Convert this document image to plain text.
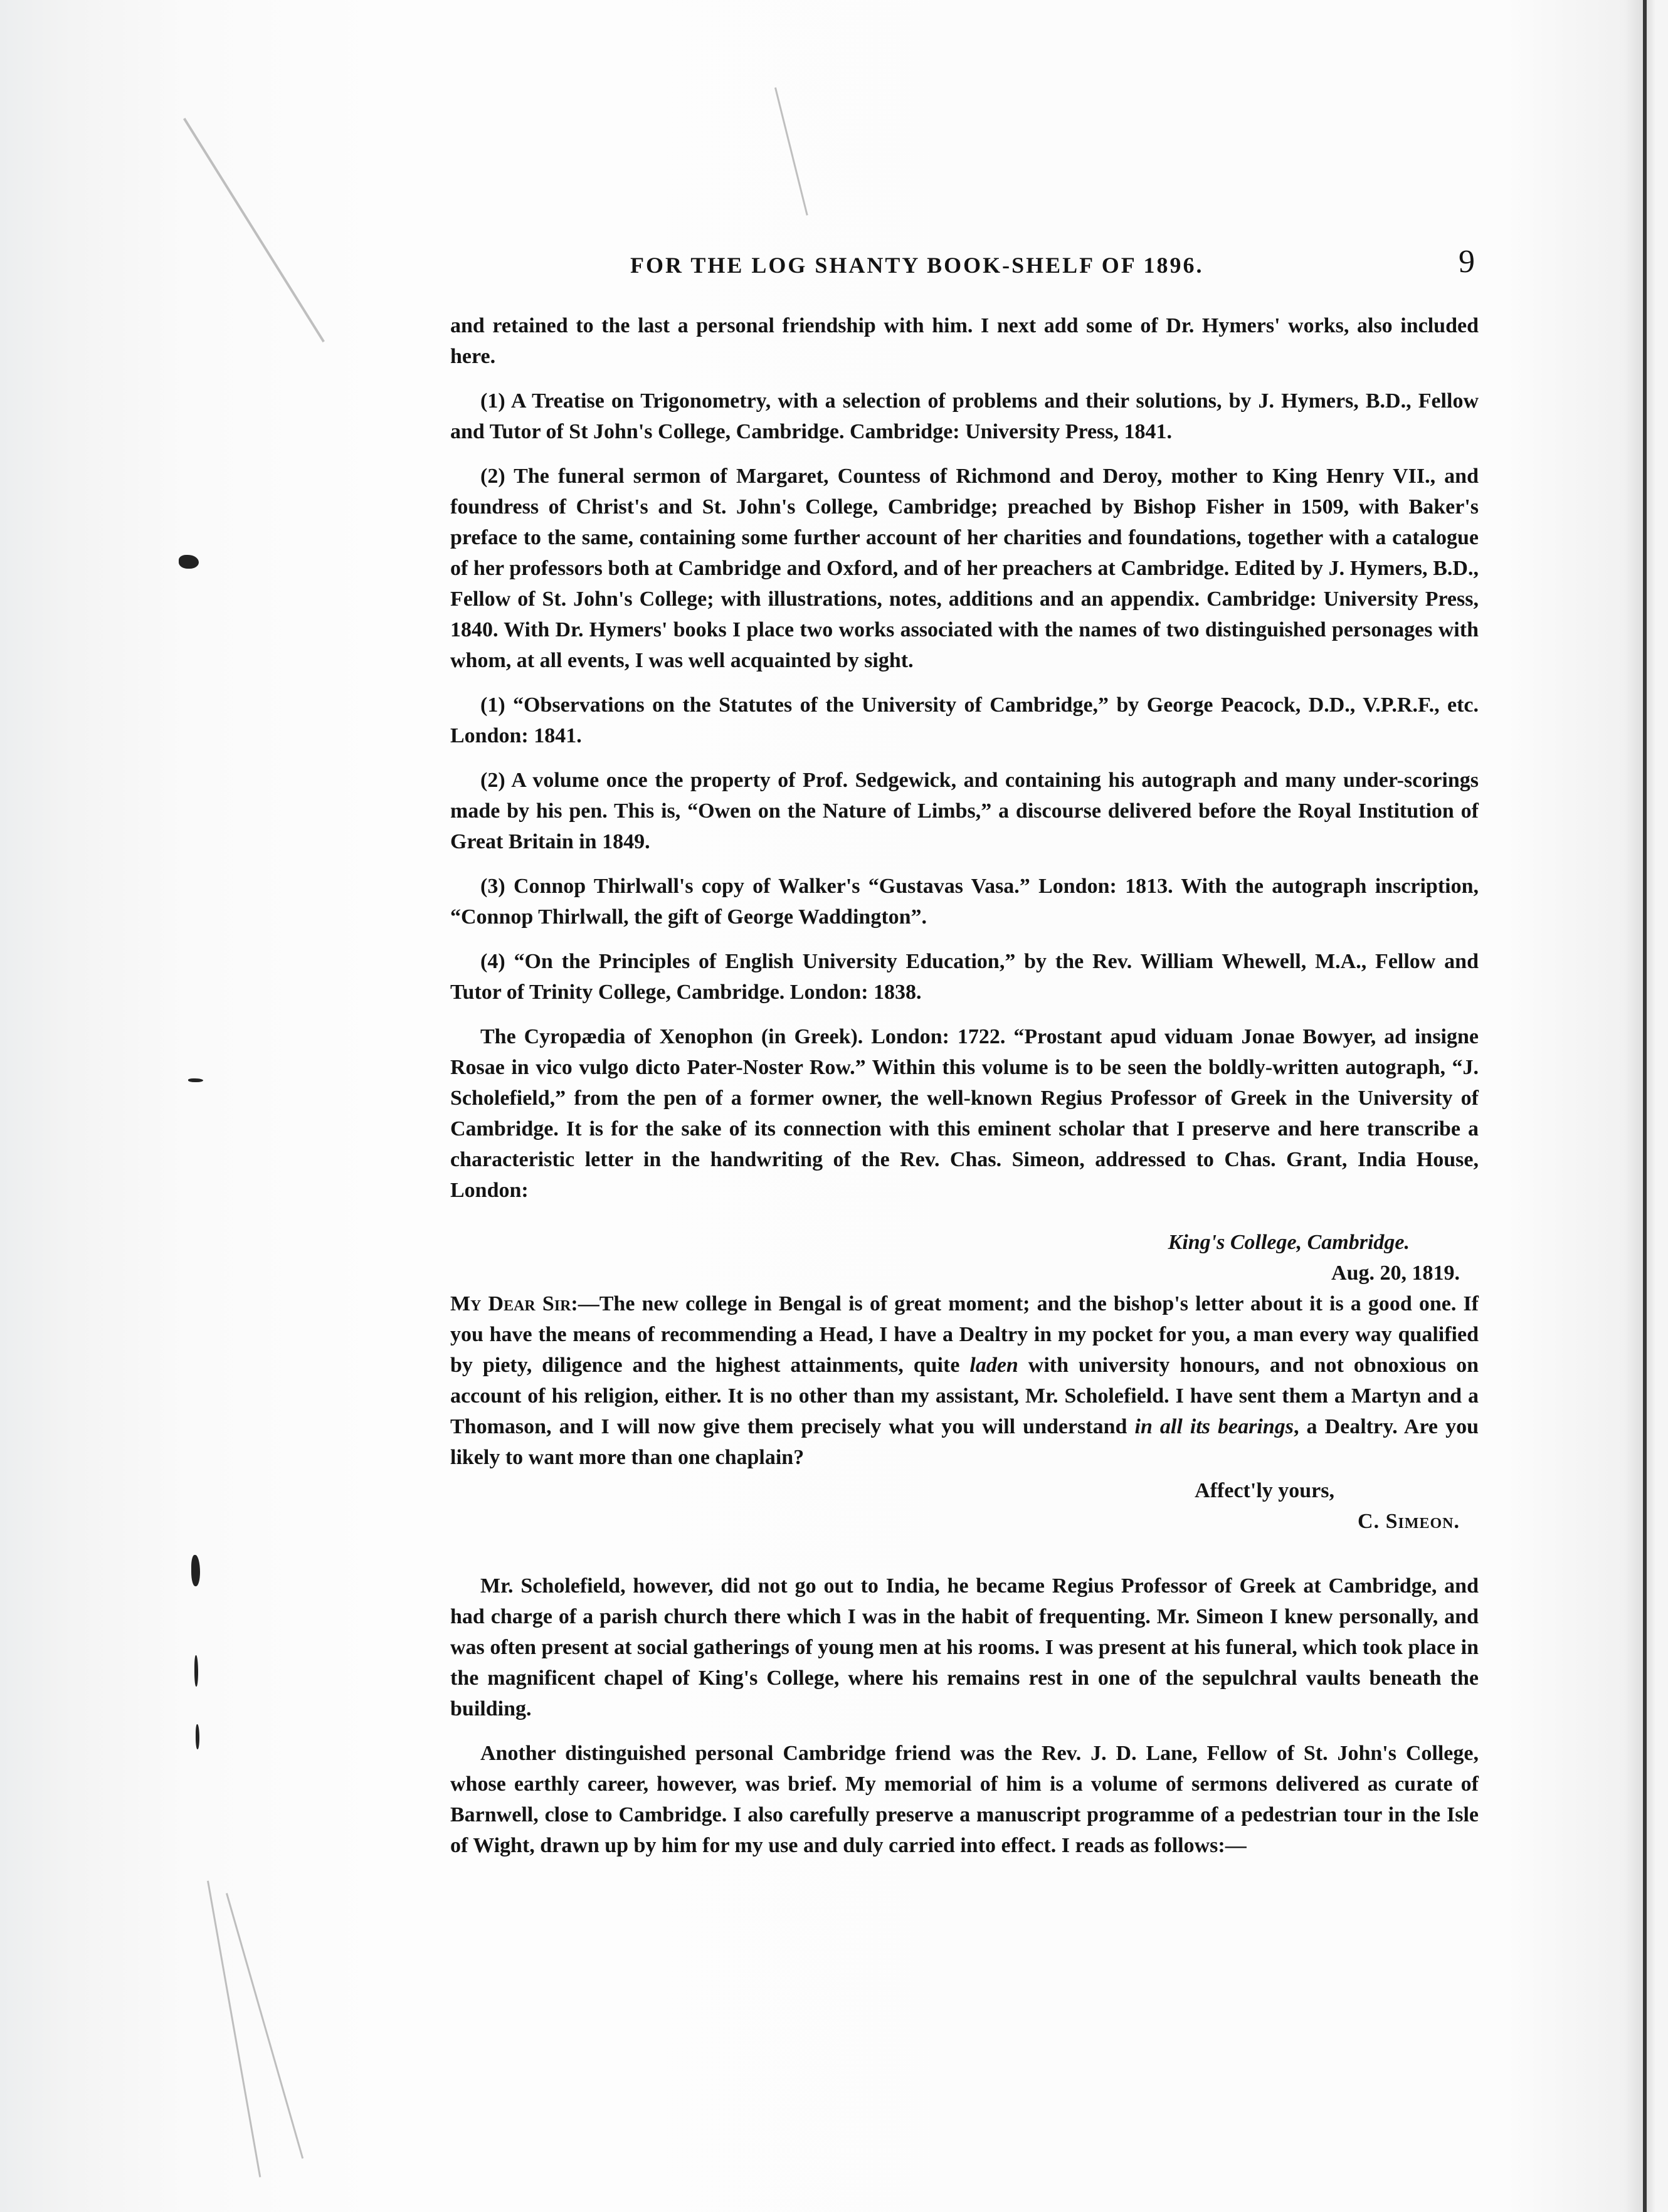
FOR THE LOG SHANTY BOOK-SHELF OF 1896.	9

and retained to the last a personal friendship with him. I next add some of Dr. Hymers' works, also included here.

(1) A Treatise on Trigonometry, with a selection of problems and their solutions, by J. Hymers, B.D., Fellow and Tutor of St John's College, Cambridge. Cambridge: University Press, 1841.

(2) The funeral sermon of Margaret, Countess of Richmond and Deroy, mother to King Henry VII., and foundress of Christ's and St. John's College, Cambridge; preached by Bishop Fisher in 1509, with Baker's preface to the same, containing some further account of her charities and foundations, together with a catalogue of her professors both at Cambridge and Oxford, and of her preachers at Cambridge. Edited by J. Hymers, B.D., Fellow of St. John's College; with illustrations, notes, additions and an appendix. Cambridge: University Press, 1840. With Dr. Hymers' books I place two works associated with the names of two distinguished personages with whom, at all events, I was well acquainted by sight.

(1) “Observations on the Statutes of the University of Cambridge,” by George Peacock, D.D., V.P.R.F., etc. London: 1841.

(2) A volume once the property of Prof. Sedgewick, and containing his autograph and many under-scorings made by his pen. This is, “Owen on the Nature of Limbs,” a discourse delivered before the Royal Institution of Great Britain in 1849.

(3) Connop Thirlwall's copy of Walker's “Gustavas Vasa.” London: 1813. With the autograph inscription, “Connop Thirlwall, the gift of George Waddington”.

(4) “On the Principles of English University Education,” by the Rev. William Whewell, M.A., Fellow and Tutor of Trinity College, Cambridge. London: 1838.

The Cyropædia of Xenophon (in Greek). London: 1722. “Prostant apud viduam Jonae Bowyer, ad insigne Rosae in vico vulgo dicto Pater-Noster Row.” Within this volume is to be seen the boldly-written autograph, “J. Scholefield,” from the pen of a former owner, the well-known Regius Professor of Greek in the University of Cambridge. It is for the sake of its connection with this eminent scholar that I preserve and here transcribe a characteristic letter in the handwriting of the Rev. Chas. Simeon, addressed to Chas. Grant, India House, London:

King's College, Cambridge.
Aug. 20, 1819.

My Dear Sir:—The new college in Bengal is of great moment; and the bishop's letter about it is a good one. If you have the means of recommending a Head, I have a Dealtry in my pocket for you, a man every way qualified by piety, diligence and the highest attainments, quite laden with university honours, and not obnoxious on account of his religion, either. It is no other than my assistant, Mr. Scholefield. I have sent them a Martyn and a Thomason, and I will now give them precisely what you will understand in all its bearings, a Dealtry. Are you likely to want more than one chaplain?

Affect'ly yours,
C. Simeon.

Mr. Scholefield, however, did not go out to India, he became Regius Professor of Greek at Cambridge, and had charge of a parish church there which I was in the habit of frequenting. Mr. Simeon I knew personally, and was often present at social gatherings of young men at his rooms. I was present at his funeral, which took place in the magnificent chapel of King's College, where his remains rest in one of the sepulchral vaults beneath the building.

Another distinguished personal Cambridge friend was the Rev. J. D. Lane, Fellow of St. John's College, whose earthly career, however, was brief. My memorial of him is a volume of sermons delivered as curate of Barnwell, close to Cambridge. I also carefully preserve a manuscript programme of a pedestrian tour in the Isle of Wight, drawn up by him for my use and duly carried into effect. I reads as follows:—
